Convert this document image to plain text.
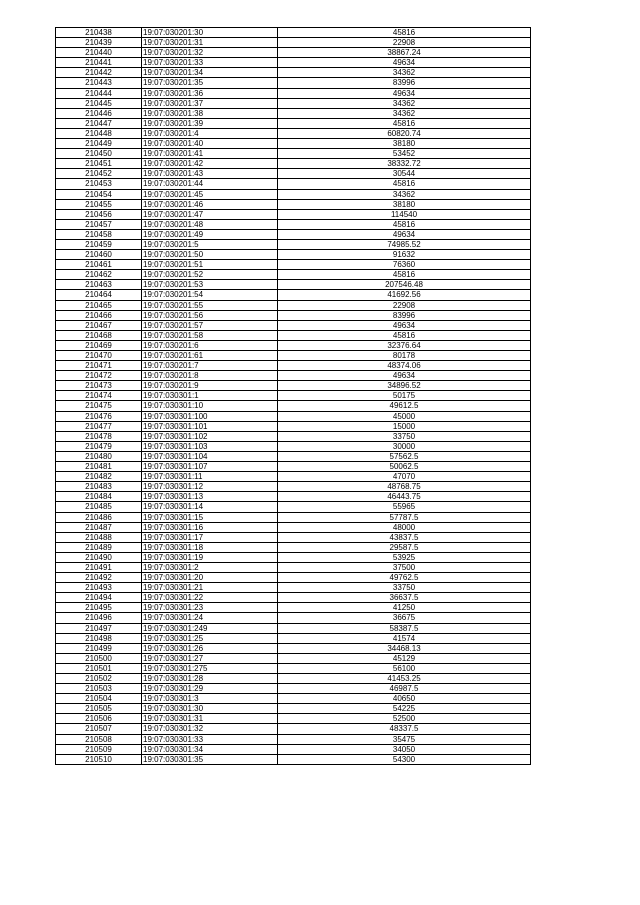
210438	19:07:030201:30	45816
210439	19:07:030201:31	22908
210440	19:07:030201:32	38867.24
210441	19:07:030201:33	49634
210442	19:07:030201:34	34362
210443	19:07:030201:35	83996
210444	19:07:030201:36	49634
210445	19:07:030201:37	34362
210446	19:07:030201:38	34362
210447	19:07:030201:39	45816
210448	19:07:030201:4	60820.74
210449	19:07:030201:40	38180
210450	19:07:030201:41	53452
210451	19:07:030201:42	38332.72
210452	19:07:030201:43	30544
210453	19:07:030201:44	45816
210454	19:07:030201:45	34362
210455	19:07:030201:46	38180
210456	19:07:030201:47	114540
210457	19:07:030201:48	45816
210458	19:07:030201:49	49634
210459	19:07:030201:5	74985.52
210460	19:07:030201:50	91632
210461	19:07:030201:51	76360
210462	19:07:030201:52	45816
210463	19:07:030201:53	207546.48
210464	19:07:030201:54	41692.56
210465	19:07:030201:55	22908
210466	19:07:030201:56	83996
210467	19:07:030201:57	49634
210468	19:07:030201:58	45816
210469	19:07:030201:6	32376.64
210470	19:07:030201:61	80178
210471	19:07:030201:7	48374.06
210472	19:07:030201:8	49634
210473	19:07:030201:9	34896.52
210474	19:07:030301:1	50175
210475	19:07:030301:10	49612.5
210476	19:07:030301:100	45000
210477	19:07:030301:101	15000
210478	19:07:030301:102	33750
210479	19:07:030301:103	30000
210480	19:07:030301:104	57562.5
210481	19:07:030301:107	50062.5
210482	19:07:030301:11	47070
210483	19:07:030301:12	48768.75
210484	19:07:030301:13	46443.75
210485	19:07:030301:14	55965
210486	19:07:030301:15	57787.5
210487	19:07:030301:16	48000
210488	19:07:030301:17	43837.5
210489	19:07:030301:18	29587.5
210490	19:07:030301:19	53925
210491	19:07:030301:2	37500
210492	19:07:030301:20	49762.5
210493	19:07:030301:21	33750
210494	19:07:030301:22	36637.5
210495	19:07:030301:23	41250
210496	19:07:030301:24	36675
210497	19:07:030301:249	58387.5
210498	19:07:030301:25	41574
210499	19:07:030301:26	34468.13
210500	19:07:030301:27	45129
210501	19:07:030301:275	56100
210502	19:07:030301:28	41453.25
210503	19:07:030301:29	46987.5
210504	19:07:030301:3	40650
210505	19:07:030301:30	54225
210506	19:07:030301:31	52500
210507	19:07:030301:32	48337.5
210508	19:07:030301:33	35475
210509	19:07:030301:34	34050
210510	19:07:030301:35	54300
